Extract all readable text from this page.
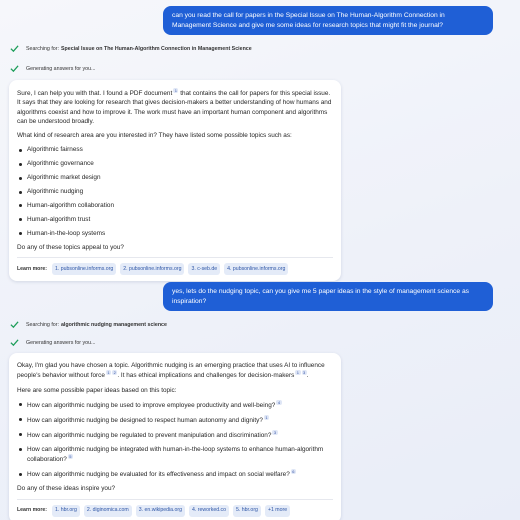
can you read the call for papers in the Special Issue on The Human-Algorithm Connection in Management Science and give me some ideas for research topics that might fit the journal?
Searching for: Special Issue on The Human-Algorithm Connection in Management Science
Generating answers for you...

Sure, I can help you with that. I found a PDF document 1 that contains the call for papers for this special issue. It says that they are looking for research that gives decision-makers a better understanding of how humans and algorithms coexist and how to improve it. The work must have an important human component and algorithms can be understood broadly.

What kind of research area are you interested in? They have listed some possible topics such as:

Algorithmic fairness
Algorithmic governance
Algorithmic market design
Algorithmic nudging
Human-algorithm collaboration
Human-algorithm trust
Human-in-the-loop systems

Do any of these topics appeal to you?

Learn more:	1. pubsonline.informs.org	2. pubsonline.informs.org	3. c-seb.de	4. pubsonline.informs.org
yes, lets do the nudging topic, can you give me 5 paper ideas in the style of management science as inspiration?
Searching for: algorithmic nudging management science
Generating answers for you...

Okay, I'm glad you have chosen a topic. Algorithmic nudging is an emerging practice that uses AI to influence people's behavior without force 1 2 . It has ethical implications and challenges for decision-makers 1 3 .

Here are some possible paper ideas based on this topic:

How can algorithmic nudging be used to improve employee productivity and well-being? 4
How can algorithmic nudging be designed to respect human autonomy and dignity? 1
How can algorithmic nudging be regulated to prevent manipulation and discrimination? 3
How can algorithmic nudging be integrated with human-in-the-loop systems to enhance human-algorithm collaboration? 5
How can algorithmic nudging be evaluated for its effectiveness and impact on social welfare? 6

Do any of these ideas inspire you?

Learn more:	1. hbr.org	2. diginomica.com	3. en.wikipedia.org	4. reworked.co	5. hbr.org	+1 more
